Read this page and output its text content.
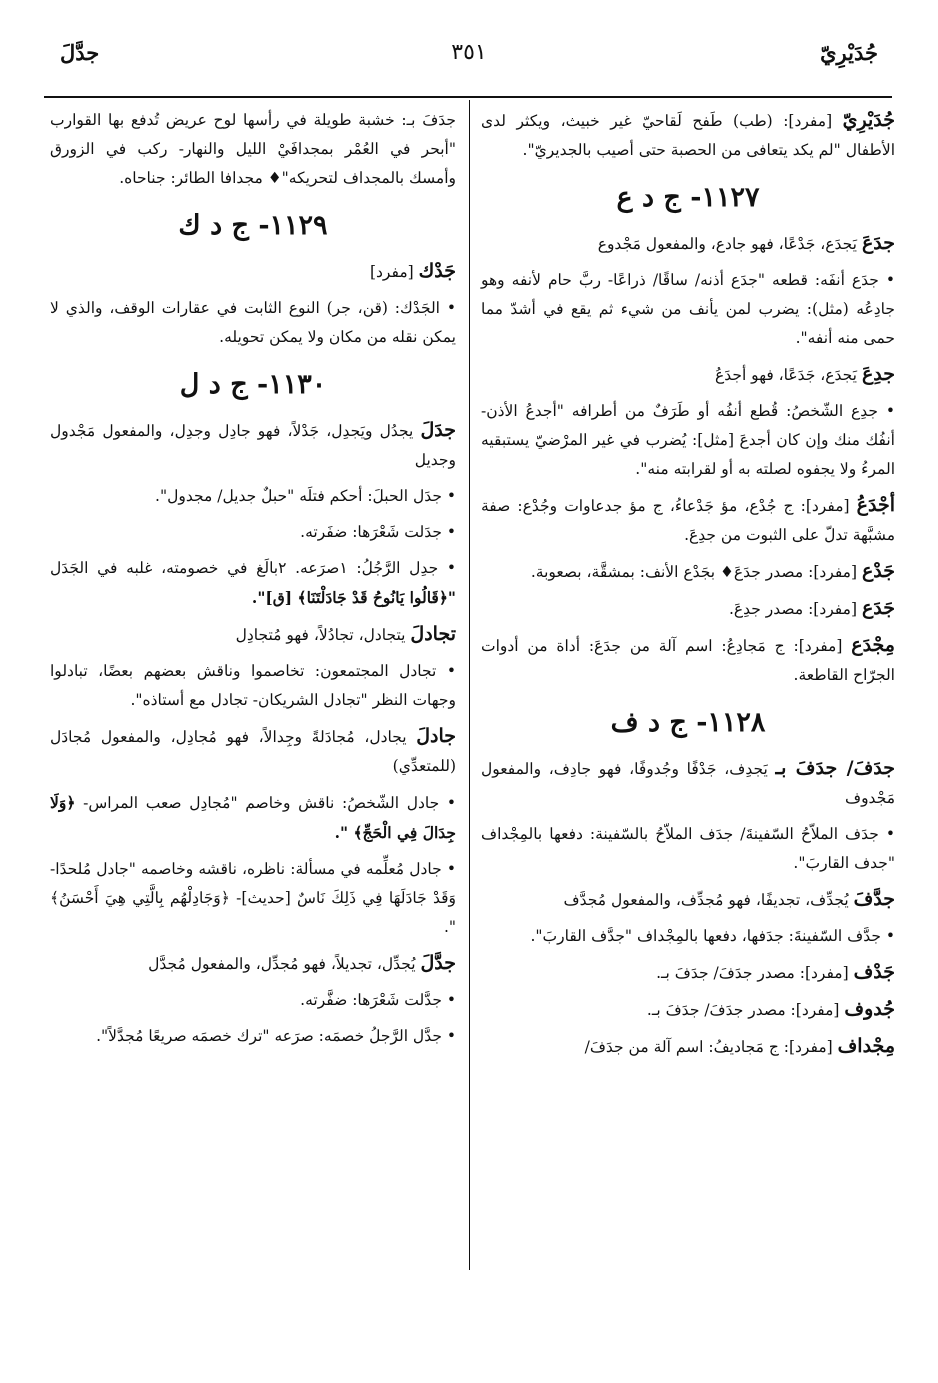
جُدَيْرِيّ
٣٥١
جدَّلَ

جُدَيْرِيّ [مفرد]: (طب) طَفح لَقاحيّ غير خبيث، ويكثر لدى الأطفال "لم يكد يتعافى من الحصبة حتى أصيب بالجديريّ".

١١٢٧- ج د ع

جدَعَ يَجدَع، جَدْعًا، فهو جادع، والمفعول مَجْدوع

• جدَع أنفَه: قطعه "جدَع أذنه/ ساقًا/ ذراعًا- ربَّ حام لأنفه وهو جادِعُه (مثل): يضرب لمن يأنف من شيء ثم يقع في أشدّ مما حمى منه أنفه".

جدِعَ يَجدَع، جَدَعًا، فهو أجدَعُ

• جدِع الشّخصُ: قُطع أنفُه أو طَرَفٌ من أطرافه "أجدعُ الأذن- أنفُك منك وإن كان أجدعَ [مثل]: يُضرب في غير المرْضيّ يستبقيه المرءُ ولا يجفوه لصلته به أو لقرابته منه".

أجْدَعُ [مفرد]: ج جُدْع، مؤ جَدْعاءُ، ج مؤ جدعاوات وجُدْع: صفة مشبَّهة تدلّ على الثبوت من جدِعَ.

جَدْع [مفرد]: مصدر جدَعَ♦ بجَدْع الأنف: بمشقَّة، بصعوبة.

جَدَع [مفرد]: مصدر جدِعَ.

مِجْدَع [مفرد]: ج مَجادِعُ: اسم آلة من جدَعَ: أداة من أدوات الجرّاح القاطعة.

١١٢٨- ج د ف

جدَفَ/ جدَفَ بـ يَجدِف، جَدْفًا وجُدوفًا، فهو جادِف، والمفعول مَجْدوف

• جدَف الملاّحُ السّفينةَ/ جدَف الملاّحُ بالسّفينة: دفعها بالمِجْداف "جدف القاربَ".

جدَّفَ يُجدِّف، تجديفًا، فهو مُجدِّف، والمفعول مُجدَّف

• جدَّف السّفينةَ: جدَفها، دفعها بالمِجْداف "جدَّف القاربَ".

جَدْف [مفرد]: مصدر جدَفَ/ جدَفَ بـ.

جُدوف [مفرد]: مصدر جدَفَ/ جدَفَ بـ.

مِجْداف [مفرد]: ج مَجاديفُ: اسم آلة من جدَفَ/

جدَفَ بـ: خشبة طويلة في رأسها لوح عريض تُدفع بها القوارب "أبحر في العُمْر بمجدافَيْ الليل والنهار- ركب في الزورق وأمسك بالمجداف لتحريكه"♦ مجدافا الطائر: جناحاه.

١١٢٩- ج د ك

جَدْك [مفرد]

• الجَدْك: (قن، جر) النوع الثابت في عقارات الوقف، والذي لا يمكن نقله من مكان ولا يمكن تحويله.

١١٣٠- ج د ل

جدَلَ يجدُل ويَجدِل، جَدْلاً، فهو جادِل وجدِل، والمفعول مَجْدول وجديل

• جدَل الحبلَ: أحكم فتلَه "حبلٌ جديل/ مجدول".

• جدَلت شَعْرَها: ضفَرته.

• جدِل الرَّجُلُ: ١صرَعه. ٢بالَغ في خصومته، غلبه في الجَدَل "﴿قَالُوا يَانُوحُ قَدْ جَادَلْتَنَا﴾ [ق]".

تجادلَ يتجادل، تجادُلاً، فهو مُتجادِل

• تجادل المجتمعون: تخاصموا وناقش بعضهم بعضًا، تبادلوا وجهات النظر "تجادل الشريكان- تجادل مع أستاذه".

جادلَ يجادل، مُجادَلةً وجِدالاً، فهو مُجادِل، والمفعول مُجادَل (للمتعدِّي)

• جادل الشّخصُ: ناقش وخاصم "مُجادِل صعب المراس- ﴿وَلَا جِدَالَ فِي الْحَجِّ﴾ ".

• جادل مُعلِّمه في مسألة: ناظره، ناقشه وخاصمه "جادل مُلحدًا- وَقَدْ جَادَلَهَا فِي ذَلِكَ نَاسٌ [حديث]- ﴿وَجَادِلْهُم بِالَّتِي هِيَ أَحْسَنُ﴾ ".

جدَّلَ يُجدِّل، تجديلاً، فهو مُجدِّل، والمفعول مُجدَّل

• جدَّلت شَعْرَها: ضفَّرته.

• جدَّل الرَّجلُ خصمَه: صرَعه "ترك خصمَه صريعًا مُجدَّلاً".
